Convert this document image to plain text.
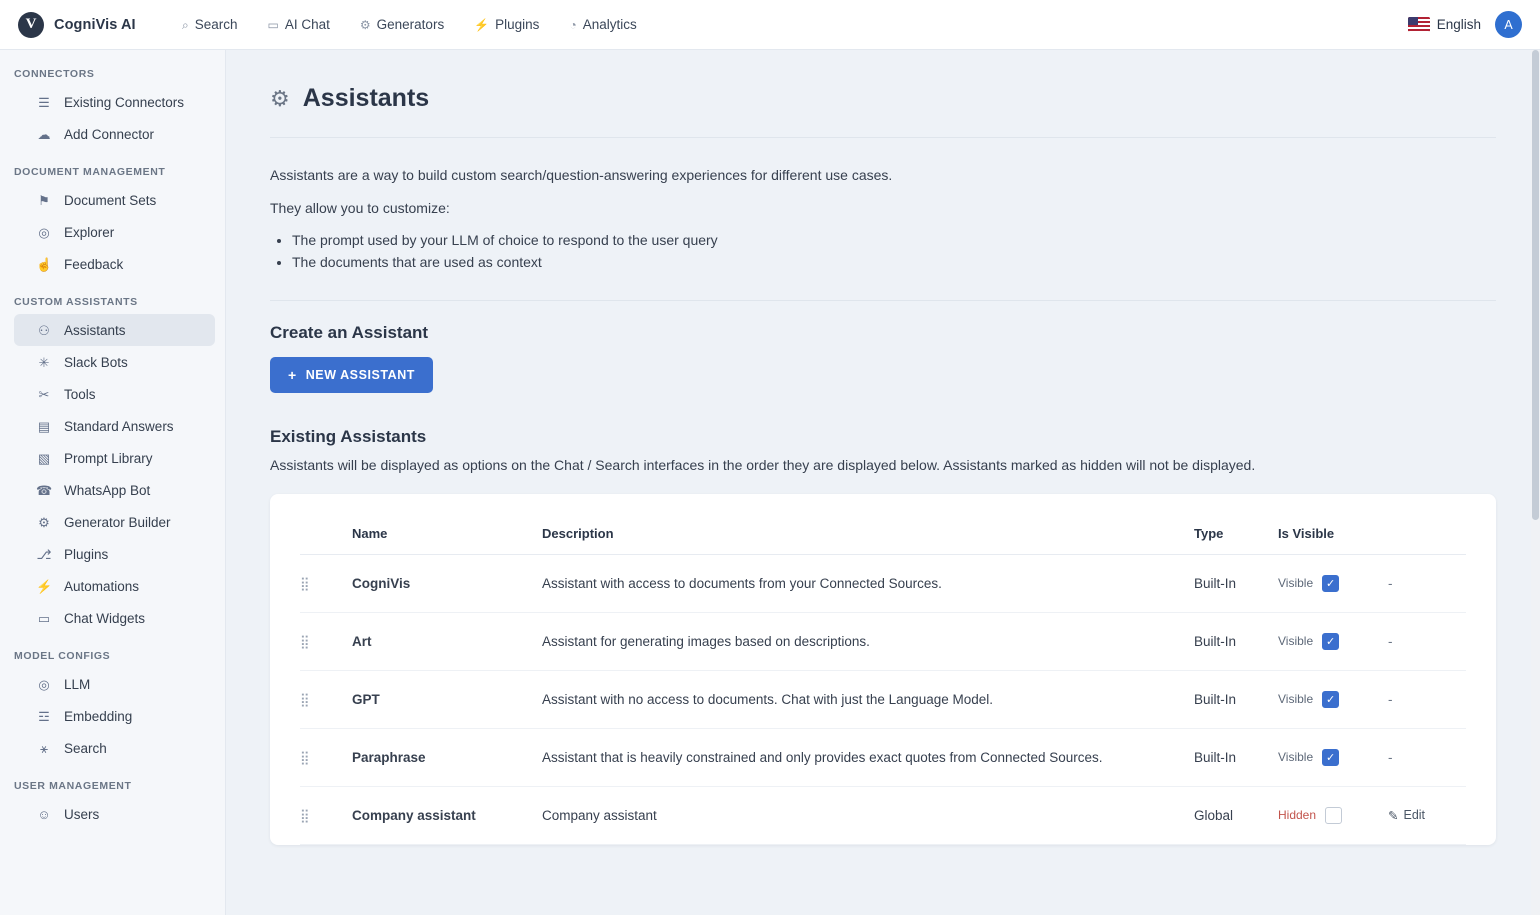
V	CogniVis AI	⌕ Search	▭ AI Chat	⚙ Generators	⚡ Plugins	◔ Analytics	English	A
CONNECTORS
☰ Existing Connectors
☁ Add Connector
DOCUMENT MANAGEMENT
⚑ Document Sets
◎ Explorer
☝ Feedback
CUSTOM ASSISTANTS
⚇ Assistants
✳ Slack Bots
✂ Tools
▤ Standard Answers
▧ Prompt Library
☎ WhatsApp Bot
⚙ Generator Builder
⎇ Plugins
⚡ Automations
▭ Chat Widgets
MODEL CONFIGS
◎ LLM
☲ Embedding
⚹	Search
USER MANAGEMENT
☺ Users
⚙ Assistants

Assistants are a way to build custom search/question-answering experiences for different use cases.

They allow you to customize:

• The prompt used by your LLM of choice to respond to the user query
• The documents that are used as context
Create an Assistant
+ NEW ASSISTANT
Existing Assistants

Assistants will be displayed as options on the Chat / Search interfaces in the order they are displayed below. Assistants marked as hidden will not be displayed.

	Name	Description	Type	Is Visible	
⣿	CogniVis	Assistant with access to documents from your Connected Sources.	Built-In	Visible ✓	-
⣿	Art	Assistant for generating images based on descriptions.	Built-In	Visible ✓	-
⣿	GPT	Assistant with no access to documents. Chat with just the Language Model.	Built-In	Visible ✓	-
⣿	Paraphrase	Assistant that is heavily constrained and only provides exact quotes from Connected Sources.	Built-In	Visible ✓	-
⣿	Company assistant	Company assistant	Global	Hidden	✎ Edit
